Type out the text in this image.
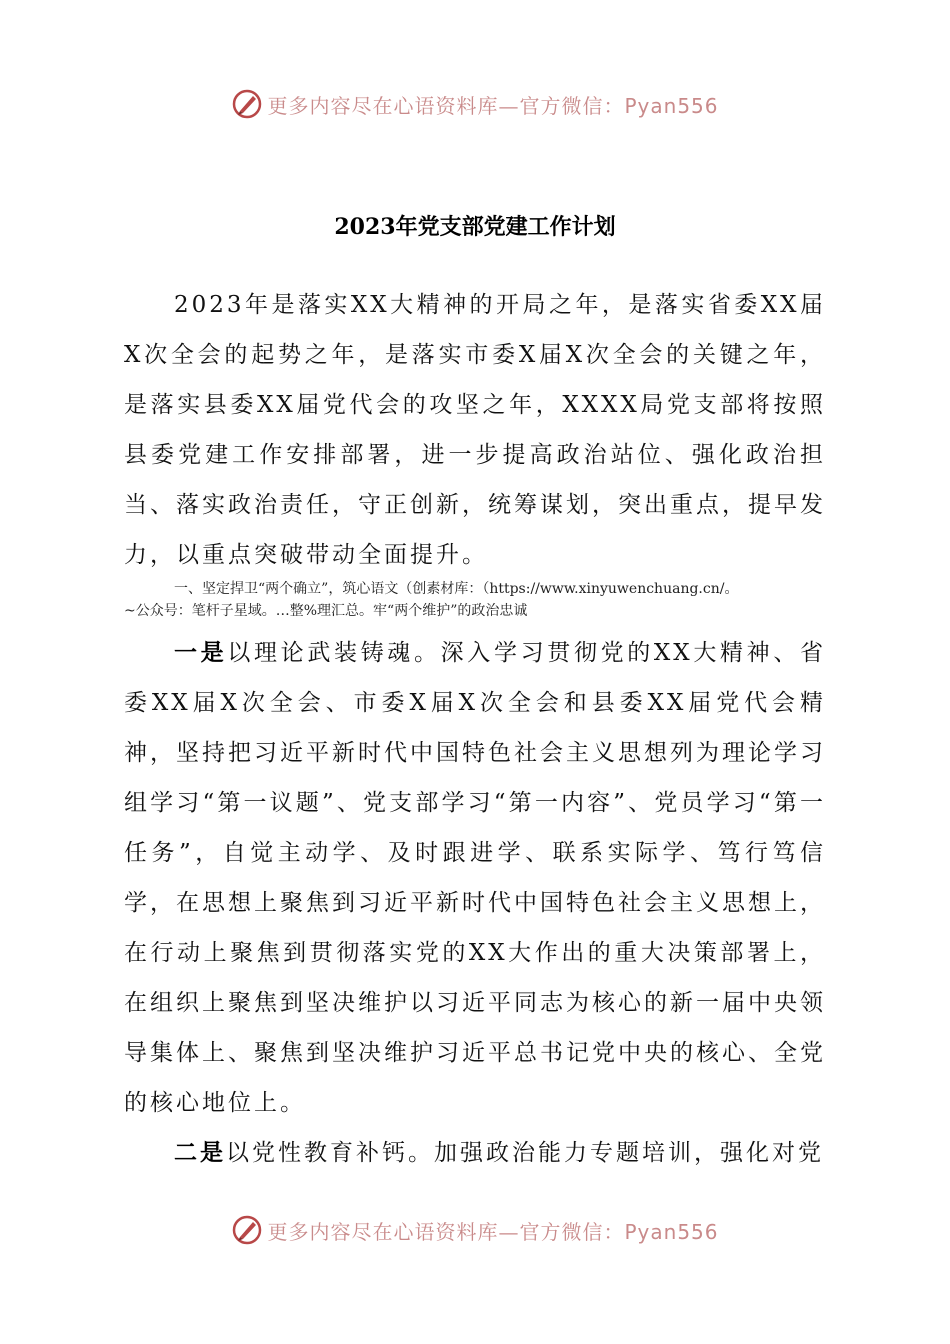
更多内容尽在心语资料库—官方微信：Pyan556
2023年党支部党建工作计划
2023年是落实XX大精神的开局之年，是落实省委XX届X次全会的起势之年，是落实市委X届X次全会的关键之年，是落实县委XX届党代会的攻坚之年，XXXX局党支部将按照县委党建工作安排部署，进一步提高政治站位、强化政治担当、落实政治责任，守正创新，统筹谋划，突出重点，提早发力，以重点突破带动全面提升。
一、坚定捍卫“两个确立”，筑心语文（创素材库：（https://www.xinyuwenchuang.cn/。
~公众号：笔杆子星域。…整%理汇总。牢“两个维护”的政治忠诚
一是以理论武装铸魂。深入学习贯彻党的XX大精神、省委XX届X次全会、市委X届X次全会和县委XX届党代会精神，坚持把习近平新时代中国特色社会主义思想列为理论学习组学习“第一议题”、党支部学习“第一内容”、党员学习“第一任务”，自觉主动学、及时跟进学、联系实际学、笃行笃信学，在思想上聚焦到习近平新时代中国特色社会主义思想上，在行动上聚焦到贯彻落实党的XX大作出的重大决策部署上，在组织上聚焦到坚决维护以习近平同志为核心的新一届中央领导集体上、聚焦到坚决维护习近平总书记党中央的核心、全党的核心地位上。
二是以党性教育补钙。加强政治能力专题培训，强化对党
更多内容尽在心语资料库—官方微信：Pyan556
